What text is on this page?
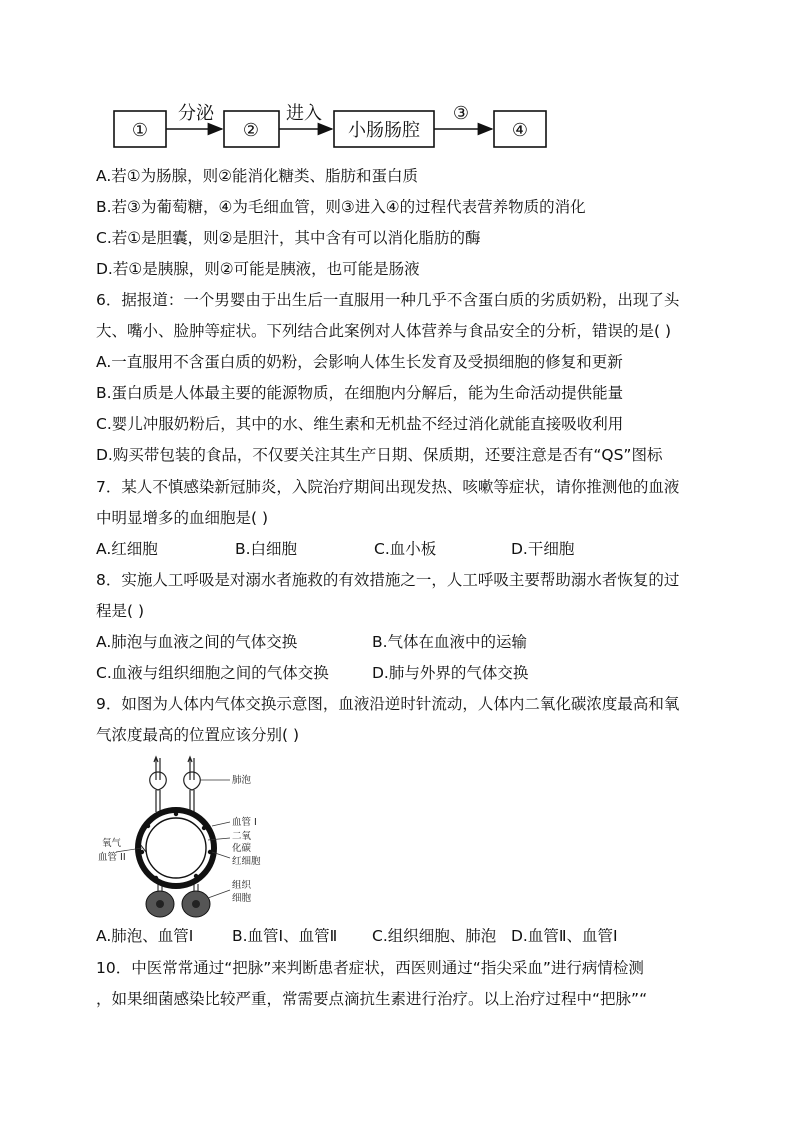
①
分泌
②
进入
小肠肠腔
③
④
A.若①为肠腺，则②能消化糖类、脂肪和蛋白质
B.若③为葡萄糖，④为毛细血管，则③进入④的过程代表营养物质的消化
C.若①是胆囊，则②是胆汁，其中含有可以消化脂肪的酶
D.若①是胰腺，则②可能是胰液，也可能是肠液
6．据报道：一个男婴由于出生后一直服用一种几乎不含蛋白质的劣质奶粉，出现了头
大、嘴小、脸肿等症状。下列结合此案例对人体营养与食品安全的分析，错误的是( )
A.一直服用不含蛋白质的奶粉，会影响人体生长发育及受损细胞的修复和更新
B.蛋白质是人体最主要的能源物质，在细胞内分解后，能为生命活动提供能量
C.婴儿冲服奶粉后，其中的水、维生素和无机盐不经过消化就能直接吸收利用
D.购买带包装的食品，不仅要关注其生产日期、保质期，还要注意是否有“QS”图标
7．某人不慎感染新冠肺炎，入院治疗期间出现发热、咳嗽等症状，请你推测他的血液
中明显增多的血细胞是( )
A.红细胞	B.白细胞	C.血小板	D.干细胞
8．实施人工呼吸是对溺水者施救的有效措施之一，人工呼吸主要帮助溺水者恢复的过
程是( )
A.肺泡与血液之间的气体交换	B.气体在血液中的运输
C.血液与组织细胞之间的气体交换	D.肺与外界的气体交换
9．如图为人体内气体交换示意图，血液沿逆时针流动，人体内二氧化碳浓度最高和氧
气浓度最高的位置应该分别( )
肺泡
血管 I
二氧
化碳
红细胞
组织
细胞
氧气
血管 II
A.肺泡、血管I B.血管I、血管Ⅱ C.组织细胞、肺泡 D.血管Ⅱ、血管I
10．中医常常通过“把脉”来判断患者症状，西医则通过“指尖采血”进行病情检测
，如果细菌感染比较严重，常需要点滴抗生素进行治疗。以上治疗过程中“把脉”“
